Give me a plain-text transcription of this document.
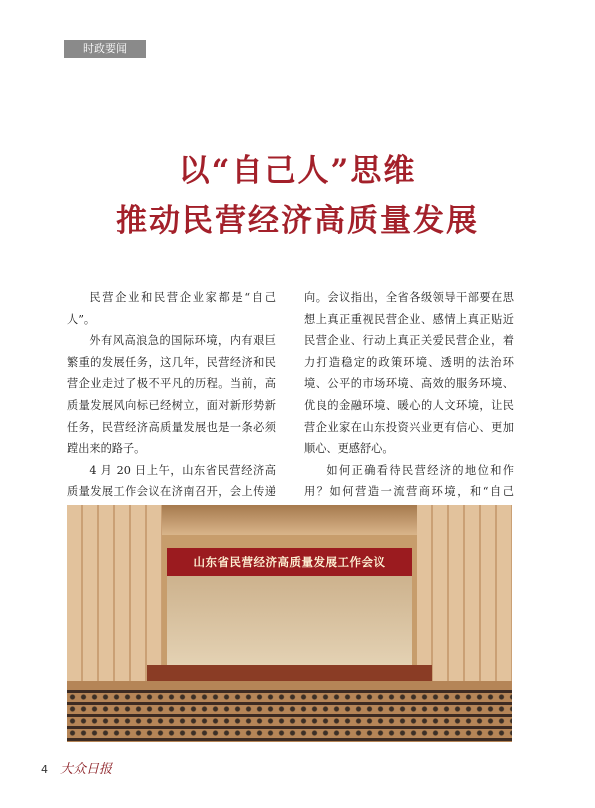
时政要闻
以“自己人”思维
推动民营经济高质量发展

民营企业和民营企业家都是“自己人”。

外有风高浪急的国际环境，内有艰巨繁重的发展任务，这几年，民营经济和民营企业走过了极不平凡的历程。当前，高质量发展风向标已经树立，面对新形势新任务，民营经济高质量发展也是一条必须蹚出来的路子。

4 月 20 日上午，山东省民营经济高质量发展工作会议在济南召开，会上传递

向。会议指出，全省各级领导干部要在思想上真正重视民营企业、感情上真正贴近民营企业、行动上真正关爱民营企业，着力打造稳定的政策环境、透明的法治环境、公平的市场环境、高效的服务环境、优良的金融环境、暖心的人文环境，让民营企业家在山东投资兴业更有信心、更加顺心、更感舒心。

如何正确看待民营经济的地位和作用？如何营造一流营商环境，和“自己

山东省民营经济高质量发展工作会议
4 大众日报
